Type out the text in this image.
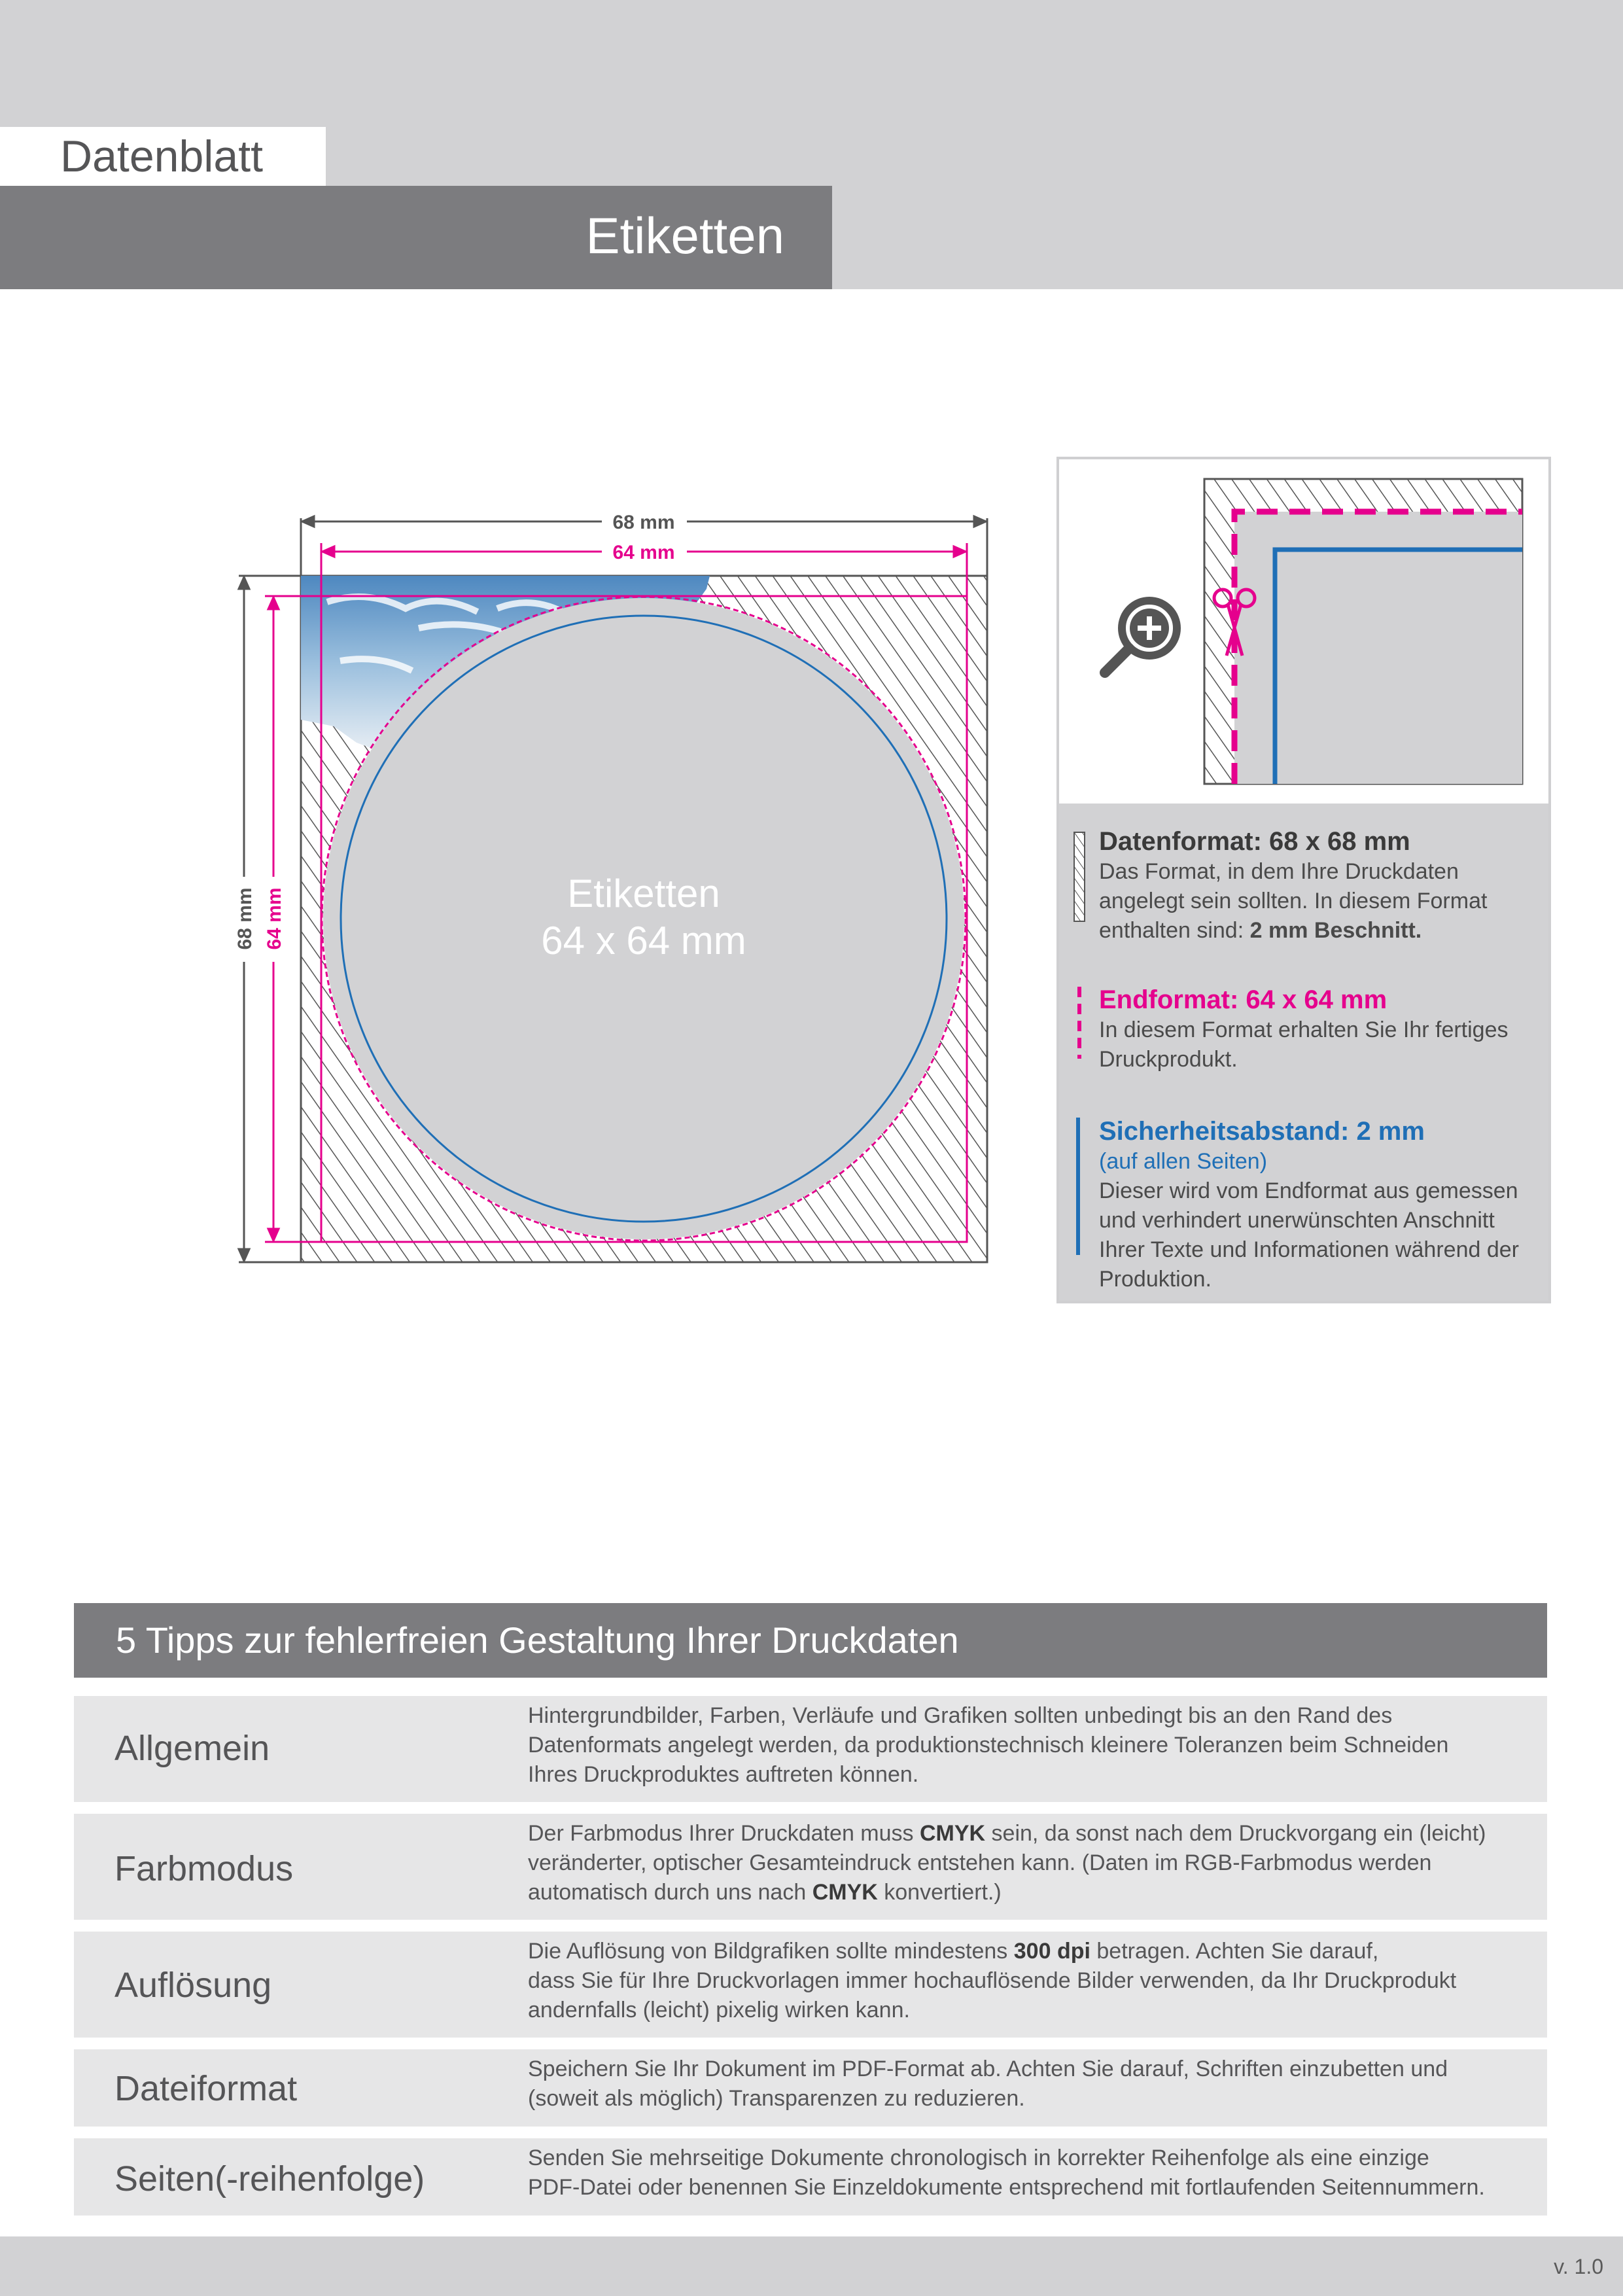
Datenblatt
Etiketten
68 mm
64 mm
68 mm 64 mm	Etiketten
64 x 64 mm
Datenformat: 68 x 68 mm
Das Format, in dem Ihre Druckdaten
angelegt sein sollten. In diesem Format
enthalten sind: 2 mm Beschnitt.
Endformat: 64 x 64 mm
In diesem Format erhalten Sie Ihr fertiges
Druckprodukt.
Sicherheitsabstand: 2 mm
(auf allen Seiten)
Dieser wird vom Endformat aus gemessen
und verhindert unerwünschten Anschnitt
Ihrer Texte und Informationen während der
Produktion.
5 Tipps zur fehlerfreien Gestaltung Ihrer Druckdaten
Allgemein
Hintergrundbilder, Farben, Verläufe und Grafiken sollten unbedingt bis an den Rand des
Datenformats angelegt werden, da produktionstechnisch kleinere Toleranzen beim Schneiden
Ihres Druckproduktes auftreten können.
Farbmodus
Der Farbmodus Ihrer Druckdaten muss CMYK sein, da sonst nach dem Druckvorgang ein (leicht)
veränderter, optischer Gesamteindruck entstehen kann. (Daten im RGB-Farbmodus werden
automatisch durch uns nach CMYK konvertiert.)
Auflösung
Die Auflösung von Bildgrafiken sollte mindestens 300 dpi betragen. Achten Sie darauf,
dass Sie für Ihre Druckvorlagen immer hochauflösende Bilder verwenden, da Ihr Druckprodukt
andernfalls (leicht) pixelig wirken kann.
Dateiformat	Speichern Sie Ihr Dokument im PDF-Format ab. Achten Sie darauf, Schriften einzubetten und
(soweit als möglich) Transparenzen zu reduzieren.
Seiten(-reihenfolge)
Senden Sie mehrseitige Dokumente chronologisch in korrekter Reihenfolge als eine einzige
PDF-Datei oder benennen Sie Einzeldokumente entsprechend mit fortlaufenden Seitennummern.
v. 1.0
